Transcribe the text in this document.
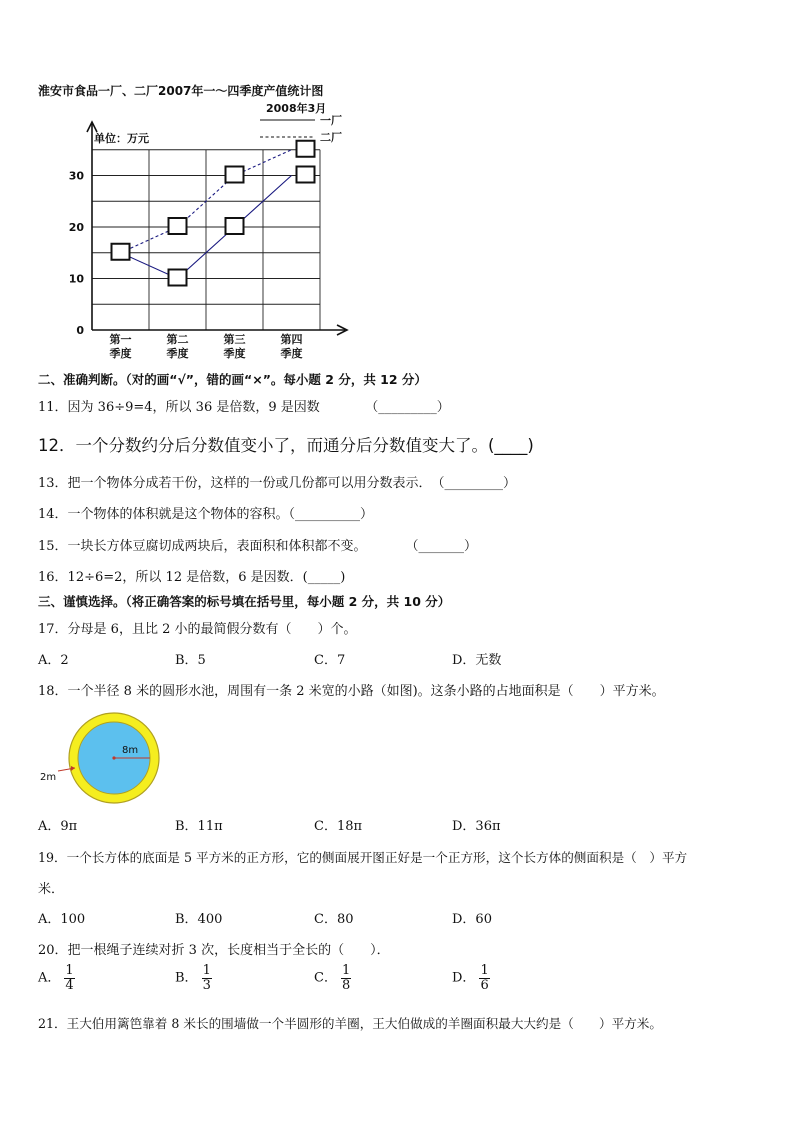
淮安市食品一厂、二厂2007年一～四季度产值统计图
2008年3月
一厂
二厂
单位：万元
0
10
20
30
第一
季度
第二
季度
第三
季度
第四
季度
二、准确判断。（对的画“√”，错的画“×”。每小题 2 分，共 12 分）
11．因为 36÷9=4，所以 36 是倍数，9 是因数　　　　（_________）
12．一个分数约分后分数值变小了，而通分后分数值变大了。(____)
13．把一个物体分成若干份，这样的一份或几份都可以用分数表示．　（_________）
14．一个物体的体积就是这个物体的容积。（__________）
15．一块长方体豆腐切成两块后，表面积和体积都不变。　　　　（_______）
16．12÷6=2，所以 12 是倍数，6 是因数．(_____)
三、谨慎选择。（将正确答案的标号填在括号里，每小题 2 分，共 10 分）
17．分母是 6，且比 2 小的最简假分数有（　　）个。
A．2	B．5	C．7	D．无数
18．一个半径 8 米的圆形水池，周围有一条 2 米宽的小路（如图)。这条小路的占地面积是（　　）平方米。
8m
2m
A．9π	B．11π	C．18π	D．36π
19．一个长方体的底面是 5 平方米的正方形，它的侧面展开图正好是一个正方形，这个长方体的侧面积是（　）平方
米．
A．100	B．400	C．80	D．60
20．把一根绳子连续对折 3 次，长度相当于全长的（　　）．
A． $\frac{1}{4}$	B． $\frac{1}{3}$	C． $\frac{1}{8}$	D． $\frac{1}{6}$
21．王大伯用篱笆靠着 8 米长的围墙做一个半圆形的羊圈，王大伯做成的羊圈面积最大大约是（　　）平方米。
